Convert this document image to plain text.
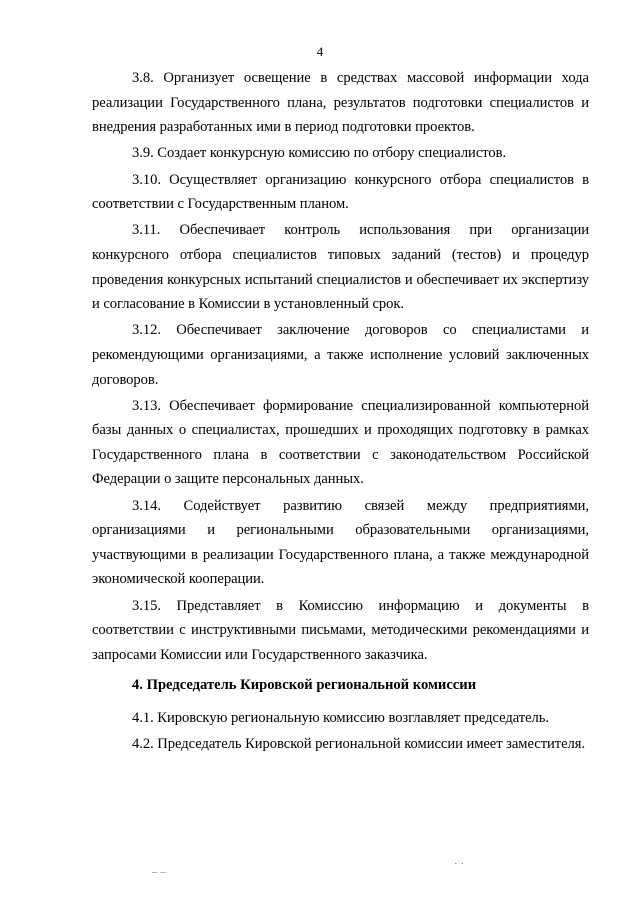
4

3.8. Организует освещение в средствах массовой информации хода реализации Государственного плана, результатов подготовки специалистов и внедрения разработанных ими в период подготовки проектов.

3.9. Создает конкурсную комиссию по отбору специалистов.

3.10. Осуществляет организацию конкурсного отбора специалистов в соответствии с Государственным планом.

3.11. Обеспечивает контроль использования при организации конкурсного отбора специалистов типовых заданий (тестов) и процедур проведения конкурсных испытаний специалистов и обеспечивает их экспертизу и согласование в Комиссии в установленный срок.

3.12. Обеспечивает заключение договоров со специалистами и рекомендующими организациями, а также исполнение условий заключенных договоров.

3.13. Обеспечивает формирование специализированной компьютерной базы данных о специалистах, прошедших и проходящих подготовку в рамках Государственного плана в соответствии с законодательством Российской Федерации о защите персональных данных.

3.14. Содействует развитию связей между предприятиями, организациями и региональными образовательными организациями, участвующими в реализации Государственного плана, а также международной экономической кооперации.

3.15. Представляет в Комиссию информацию и документы в соответствии с инструктивными письмами, методическими рекомендациями и запросами Комиссии или Государственного заказчика.

4. Председатель Кировской региональной комиссии

4.1. Кировскую региональную комиссию возглавляет председатель.

4.2. Председатель Кировской региональной комиссии имеет заместителя.

– –
· ·
